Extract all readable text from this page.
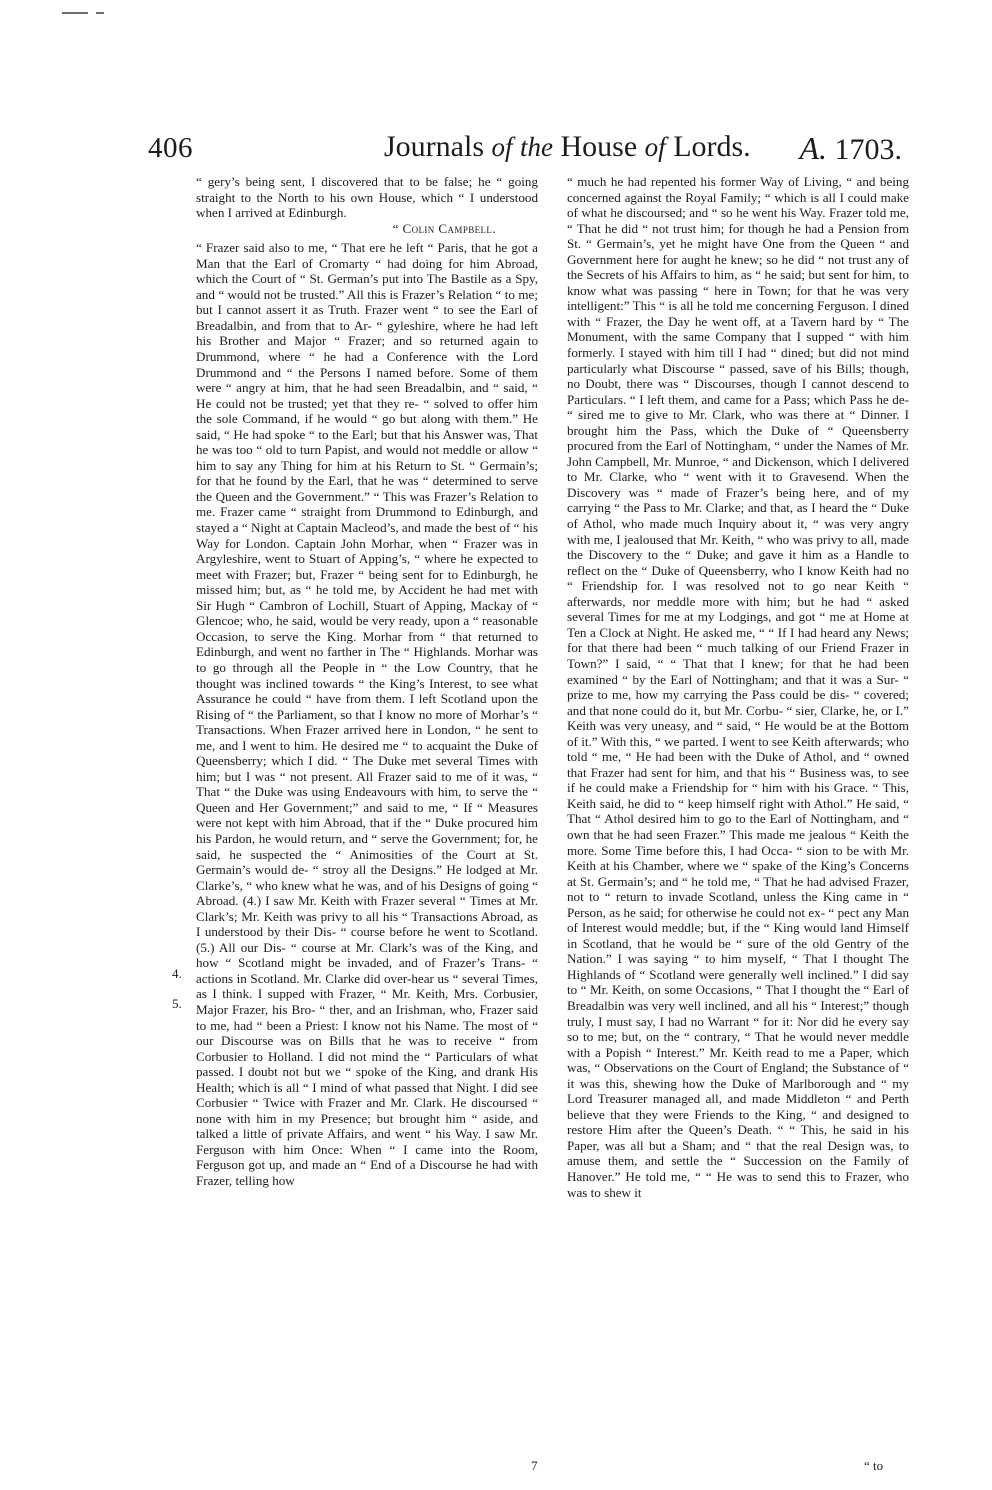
406	Journals of the House of Lords. A. 1703.

“ gery’s being sent, I discovered that to be false; he “ going straight to the North to his own House, which “ I understood when I arrived at Edinburgh.

“ Colin Campbell.

“ Frazer said also to me, “ That ere he left “ Paris, that he got a Man that the Earl of Cromarty “ had doing for him Abroad, which the Court of “ St. German’s put into The Bastile as a Spy, and “ would not be trusted.” All this is Frazer’s Relation “ to me; but I cannot assert it as Truth. Frazer went “ to see the Earl of Breadalbin, and from that to Ar- “ gyleshire, where he had left his Brother and Major “ Frazer; and so returned again to Drummond, where “ he had a Conference with the Lord Drummond and “ the Persons I named before. Some of them were “ angry at him, that he had seen Breadalbin, and “ said, “ He could not be trusted; yet that they re- “ solved to offer him the sole Command, if he would “ go but along with them.” He said, “ He had spoke “ to the Earl; but that his Answer was, That he was too “ old to turn Papist, and would not meddle or allow “ him to say any Thing for him at his Return to St. “ Germain’s; for that he found by the Earl, that he was “ determined to serve the Queen and the Government.” “ This was Frazer’s Relation to me. Frazer came “ straight from Drummond to Edinburgh, and stayed a “ Night at Captain Macleod’s, and made the best of “ his Way for London. Captain John Morhar, when “ Frazer was in Argyleshire, went to Stuart of Apping’s, “ where he expected to meet with Frazer; but, Frazer “ being sent for to Edinburgh, he missed him; but, as “ he told me, by Accident he had met with Sir Hugh “ Cambron of Lochill, Stuart of Apping, Mackay of “ Glencoe; who, he said, would be very ready, upon a “ reasonable Occasion, to serve the King. Morhar from “ that returned to Edinburgh, and went no farther in The “ Highlands. Morhar was to go through all the People in “ the Low Country, that he thought was inclined towards “ the King’s Interest, to see what Assurance he could “ have from them. I left Scotland upon the Rising of “ the Parliament, so that I know no more of Morhar’s “ Transactions. When Frazer arrived here in London, “ he sent to me, and I went to him. He desired me “ to acquaint the Duke of Queensberry; which I did. “ The Duke met several Times with him; but I was “ not present. All Frazer said to me of it was, “ That “ the Duke was using Endeavours with him, to serve the “ Queen and Her Government;” and said to me, “ If “ Measures were not kept with him Abroad, that if the “ Duke procured him his Pardon, he would return, and “ serve the Government; for, he said, he suspected the “ Animosities of the Court at St. Germain’s would de- “ stroy all the Designs.” He lodged at Mr. Clarke’s, “ who knew what he was, and of his Designs of going “ Abroad. (4.) I saw Mr. Keith with Frazer several “ Times at Mr. Clark’s; Mr. Keith was privy to all his “ Transactions Abroad, as I understood by their Dis- “ course before he went to Scotland. (5.) All our Dis- “ course at Mr. Clark’s was of the King, and how “ Scotland might be invaded, and of Frazer’s Trans- “ actions in Scotland. Mr. Clarke did over-hear us “ several Times, as I think. I supped with Frazer, “ Mr. Keith, Mrs. Corbusier, Major Frazer, his Bro- “ ther, and an Irishman, who, Frazer said to me, had “ been a Priest: I know not his Name. The most of “ our Discourse was on Bills that he was to receive “ from Corbusier to Holland. I did not mind the “ Particulars of what passed. I doubt not but we “ spoke of the King, and drank His Health; which is all “ I mind of what passed that Night. I did see Corbusier “ Twice with Frazer and Mr. Clark. He discoursed “ none with him in my Presence; but brought him “ aside, and talked a little of private Affairs, and went “ his Way. I saw Mr. Ferguson with him Once: When “ I came into the Room, Ferguson got up, and made an “ End of a Discourse he had with Frazer, telling how

“ much he had repented his former Way of Living, “ and being concerned against the Royal Family; “ which is all I could make of what he discoursed; and “ so he went his Way. Frazer told me, “ That he did “ not trust him; for though he had a Pension from St. “ Germain’s, yet he might have One from the Queen “ and Government here for aught he knew; so he did “ not trust any of the Secrets of his Affairs to him, as “ he said; but sent for him, to know what was passing “ here in Town; for that he was very intelligent:” This “ is all he told me concerning Ferguson. I dined with “ Frazer, the Day he went off, at a Tavern hard by “ The Monument, with the same Company that I supped “ with him formerly. I stayed with him till I had “ dined; but did not mind particularly what Discourse “ passed, save of his Bills; though, no Doubt, there was “ Discourses, though I cannot descend to Particulars. “ I left them, and came for a Pass; which Pass he de- “ sired me to give to Mr. Clark, who was there at “ Dinner. I brought him the Pass, which the Duke of “ Queensberry procured from the Earl of Nottingham, “ under the Names of Mr. John Campbell, Mr. Munroe, “ and Dickenson, which I delivered to Mr. Clarke, who “ went with it to Gravesend. When the Discovery was “ made of Frazer’s being here, and of my carrying “ the Pass to Mr. Clarke; and that, as I heard the “ Duke of Athol, who made much Inquiry about it, “ was very angry with me, I jealoused that Mr. Keith, “ who was privy to all, made the Discovery to the “ Duke; and gave it him as a Handle to reflect on the “ Duke of Queensberry, who I know Keith had no “ Friendship for. I was resolved not to go near Keith “ afterwards, nor meddle more with him; but he had “ asked several Times for me at my Lodgings, and got “ me at Home at Ten a Clock at Night. He asked me, “ “ If I had heard any News; for that there had been “ much talking of our Friend Frazer in Town?” I said, “ “ That that I knew; for that he had been examined “ by the Earl of Nottingham; and that it was a Sur- “ prize to me, how my carrying the Pass could be dis- “ covered; and that none could do it, but Mr. Corbu- “ sier, Clarke, he, or I.” Keith was very uneasy, and “ said, “ He would be at the Bottom of it.” With this, “ we parted. I went to see Keith afterwards; who told “ me, “ He had been with the Duke of Athol, and “ owned that Frazer had sent for him, and that his “ Business was, to see if he could make a Friendship for “ him with his Grace. “ This, Keith said, he did to “ keep himself right with Athol.” He said, “ That “ Athol desired him to go to the Earl of Nottingham, and “ own that he had seen Frazer.” This made me jealous “ Keith the more. Some Time before this, I had Occa- “ sion to be with Mr. Keith at his Chamber, where we “ spake of the King’s Concerns at St. Germain’s; and “ he told me, “ That he had advised Frazer, not to “ return to invade Scotland, unless the King came in “ Person, as he said; for otherwise he could not ex- “ pect any Man of Interest would meddle; but, if the “ King would land Himself in Scotland, that he would be “ sure of the old Gentry of the Nation.” I was saying “ to him myself, “ That I thought The Highlands of “ Scotland were generally well inclined.” I did say to “ Mr. Keith, on some Occasions, “ That I thought the “ Earl of Breadalbin was very well inclined, and all his “ Interest;” though truly, I must say, I had no Warrant “ for it: Nor did he every say so to me; but, on the “ contrary, “ That he would never meddle with a Popish “ Interest.” Mr. Keith read to me a Paper, which was, “ Observations on the Court of England; the Substance of “ it was this, shewing how the Duke of Marlborough and “ my Lord Treasurer managed all, and made Middleton “ and Perth believe that they were Friends to the King, “ and designed to restore Him after the Queen’s Death. “ “ This, he said in his Paper, was all but a Sham; and “ that the real Design was, to amuse them, and settle the “ Succession on the Family of Hanover.” He told me, “ “ He was to send this to Frazer, who was to shew it

4.
5.
7	“ to
